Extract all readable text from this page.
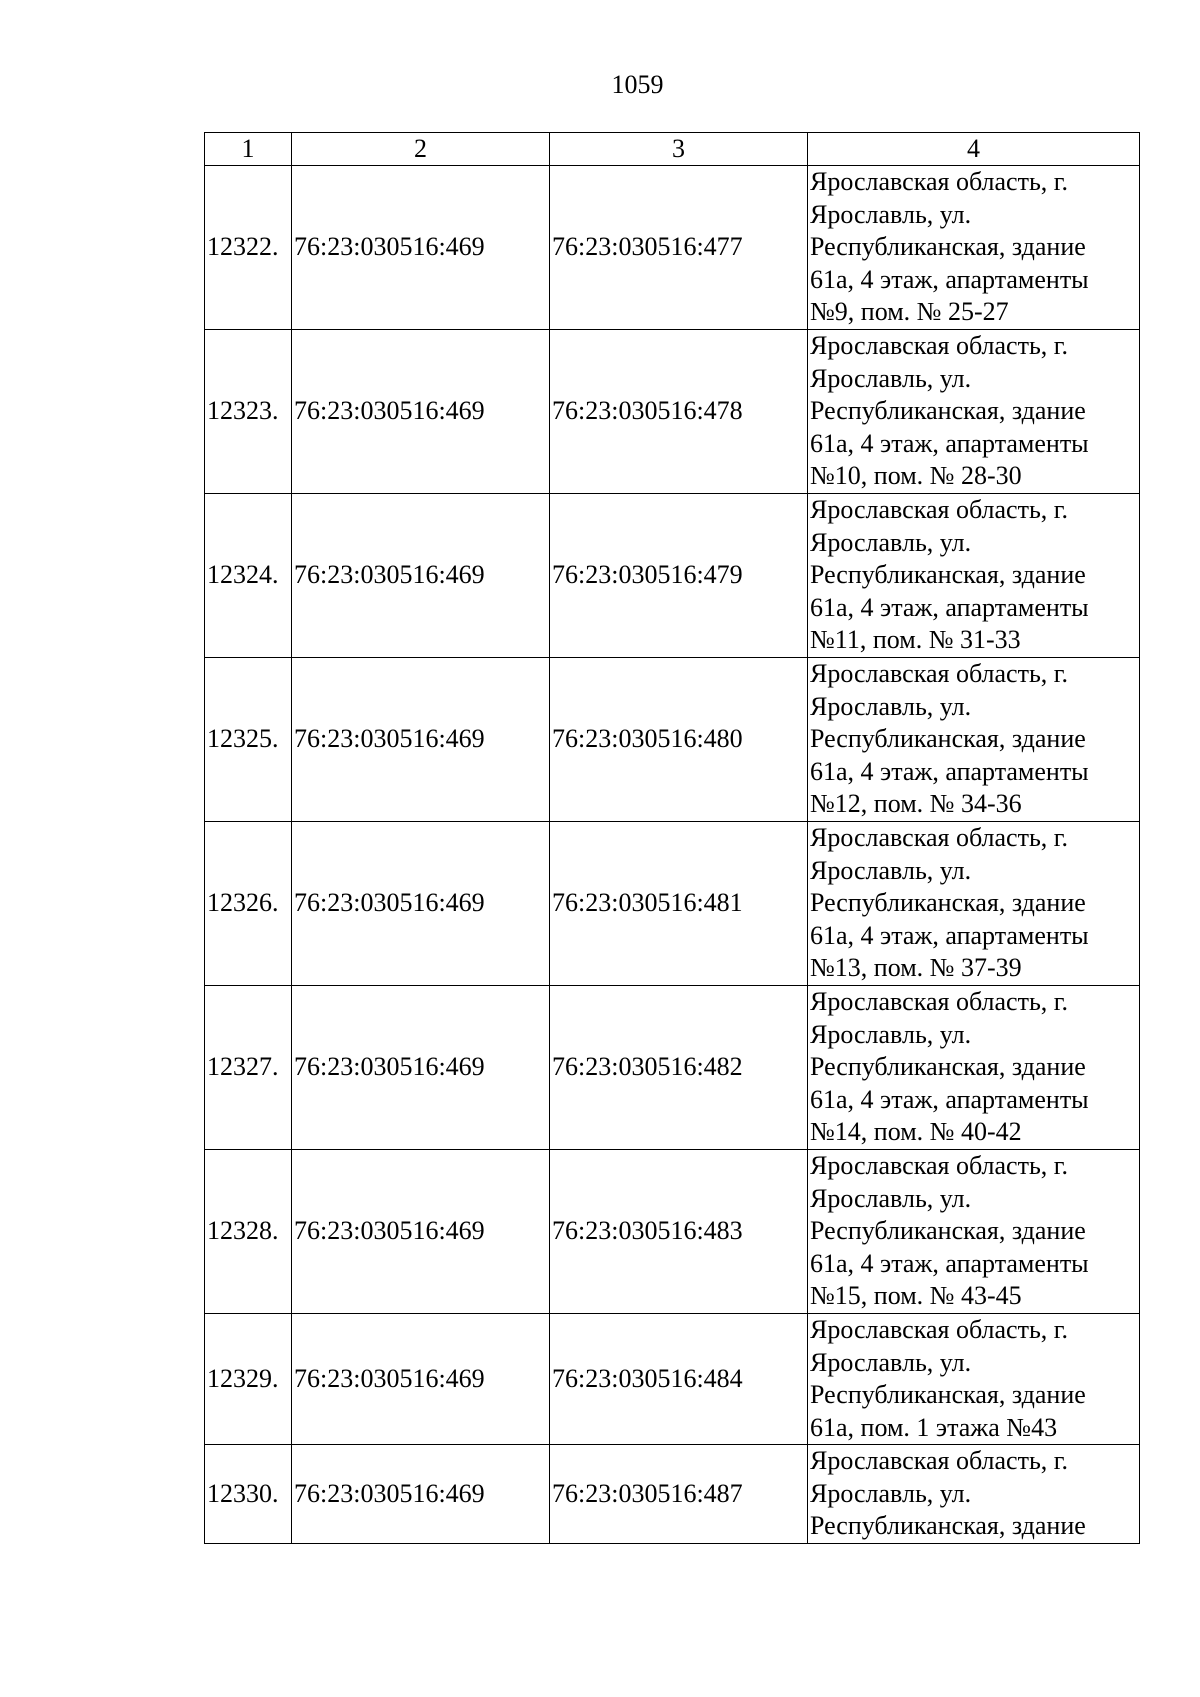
1059
1	2	3	4
12322.	76:23:030516:469	76:23:030516:477	Ярославская область, г.
Ярославль, ул.
Республиканская, здание
61а, 4 этаж, апартаменты
№9, пом. № 25-27

12323.	76:23:030516:469	76:23:030516:478	Ярославская область, г.
Ярославль, ул.
Республиканская, здание
61а, 4 этаж, апартаменты
№10, пом. № 28-30

12324.	76:23:030516:469	76:23:030516:479	Ярославская область, г.
Ярославль, ул.
Республиканская, здание
61а, 4 этаж, апартаменты
№11, пом. № 31-33

12325.	76:23:030516:469	76:23:030516:480	Ярославская область, г.
Ярославль, ул.
Республиканская, здание
61а, 4 этаж, апартаменты
№12, пом. № 34-36

12326.	76:23:030516:469	76:23:030516:481	Ярославская область, г.
Ярославль, ул.
Республиканская, здание
61а, 4 этаж, апартаменты
№13, пом. № 37-39

12327.	76:23:030516:469	76:23:030516:482	Ярославская область, г.
Ярославль, ул.
Республиканская, здание
61а, 4 этаж, апартаменты
№14, пом. № 40-42

12328.	76:23:030516:469	76:23:030516:483	Ярославская область, г.
Ярославль, ул.
Республиканская, здание
61а, 4 этаж, апартаменты
№15, пом. № 43-45

12329.	76:23:030516:469	76:23:030516:484	Ярославская область, г.
Ярославль, ул.
Республиканская, здание
61а, пом. 1 этажа №43

12330.	76:23:030516:469	76:23:030516:487	Ярославская область, г.
Ярославль, ул.
Республиканская, здание
